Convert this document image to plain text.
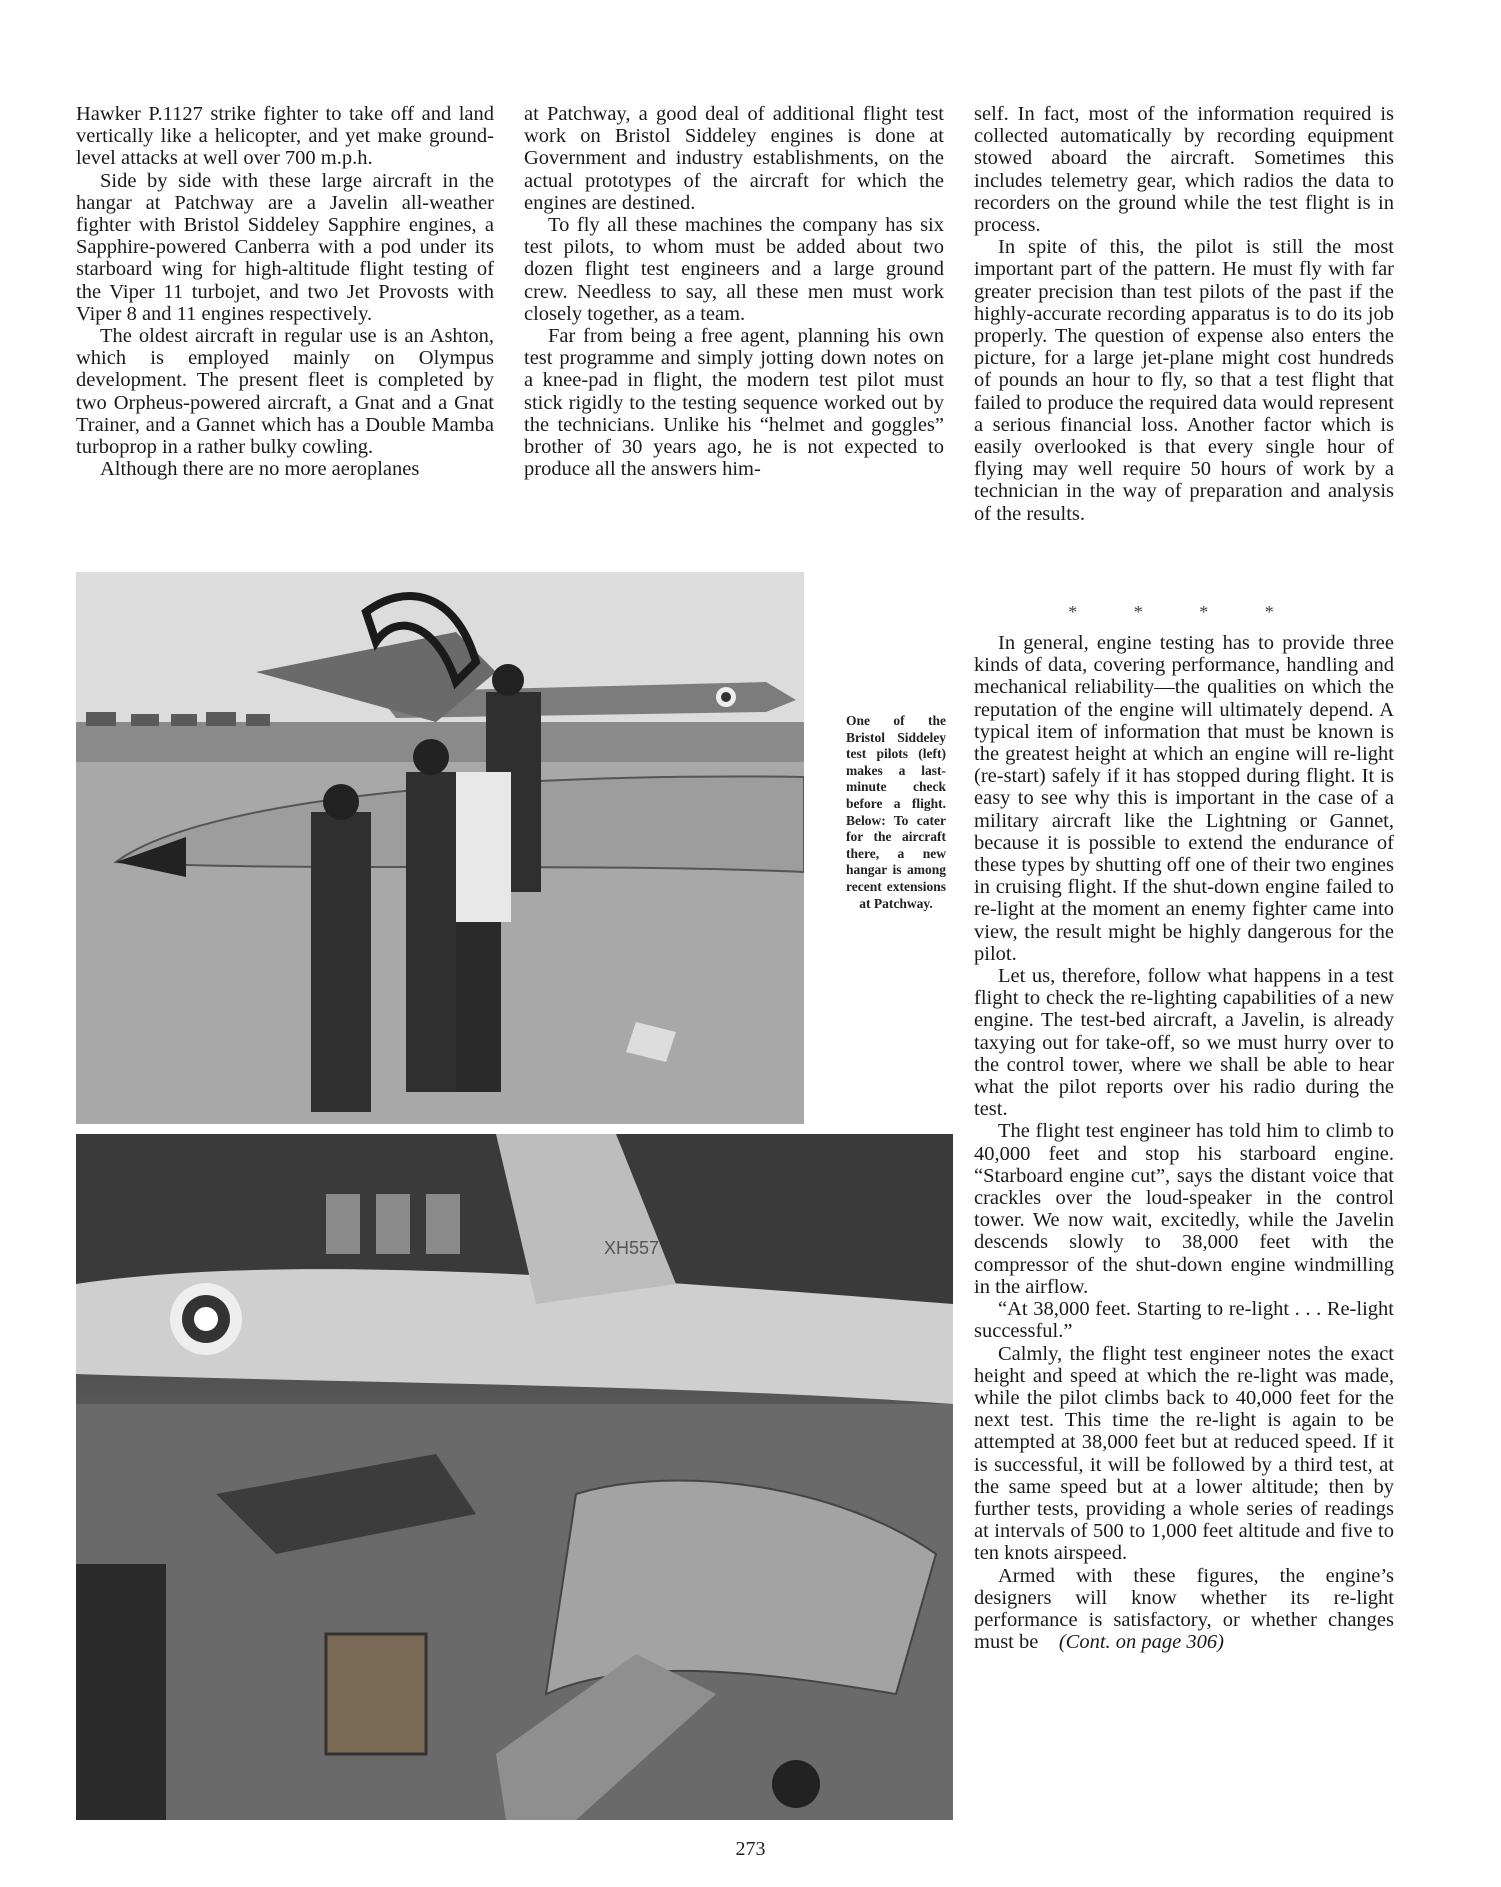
Hawker P.1127 strike fighter to take off and land vertically like a helicopter, and yet make ground-level attacks at well over 700 m.p.h.

Side by side with these large aircraft in the hangar at Patchway are a Javelin all-weather fighter with Bristol Siddeley Sapphire engines, a Sapphire-powered Canberra with a pod under its starboard wing for high-altitude flight testing of the Viper 11 turbojet, and two Jet Provosts with Viper 8 and 11 engines respectively.

The oldest aircraft in regular use is an Ashton, which is employed mainly on Olympus development. The present fleet is completed by two Orpheus-powered aircraft, a Gnat and a Gnat Trainer, and a Gannet which has a Double Mamba turboprop in a rather bulky cowling.

Although there are no more aeroplanes

at Patchway, a good deal of additional flight test work on Bristol Siddeley engines is done at Government and industry establishments, on the actual prototypes of the aircraft for which the engines are destined.

To fly all these machines the company has six test pilots, to whom must be added about two dozen flight test engineers and a large ground crew. Needless to say, all these men must work closely together, as a team.

Far from being a free agent, planning his own test programme and simply jotting down notes on a knee-pad in flight, the modern test pilot must stick rigidly to the testing sequence worked out by the technicians. Unlike his “helmet and goggles” brother of 30 years ago, he is not expected to produce all the answers him-

self. In fact, most of the information required is collected automatically by recording equipment stowed aboard the aircraft. Sometimes this includes telemetry gear, which radios the data to recorders on the ground while the test flight is in process.

In spite of this, the pilot is still the most important part of the pattern. He must fly with far greater precision than test pilots of the past if the highly-accurate recording apparatus is to do its job properly. The question of expense also enters the picture, for a large jet-plane might cost hundreds of pounds an hour to fly, so that a test flight that failed to produce the required data would represent a serious financial loss. Another factor which is easily overlooked is that every single hour of flying may well require 50 hours of work by a technician in the way of preparation and analysis of the results.

* * * *

In general, engine testing has to provide three kinds of data, covering performance, handling and mechanical reliability—the qualities on which the reputation of the engine will ultimately depend. A typical item of information that must be known is the greatest height at which an engine will re-light (re-start) safely if it has stopped during flight. It is easy to see why this is important in the case of a military aircraft like the Lightning or Gannet, because it is possible to extend the endurance of these types by shutting off one of their two engines in cruising flight. If the shut-down engine failed to re-light at the moment an enemy fighter came into view, the result might be highly dangerous for the pilot.

Let us, therefore, follow what happens in a test flight to check the re-lighting capabilities of a new engine. The test-bed aircraft, a Javelin, is already taxying out for take-off, so we must hurry over to the control tower, where we shall be able to hear what the pilot reports over his radio during the test.

The flight test engineer has told him to climb to 40,000 feet and stop his starboard engine. “Starboard engine cut”, says the distant voice that crackles over the loud-speaker in the control tower. We now wait, excitedly, while the Javelin descends slowly to 38,000 feet with the compressor of the shut-down engine windmilling in the airflow.

“At 38,000 feet. Starting to re-light . . . Re-light successful.”

Calmly, the flight test engineer notes the exact height and speed at which the re-light was made, while the pilot climbs back to 40,000 feet for the next test. This time the re-light is again to be attempted at 38,000 feet but at reduced speed. If it is successful, it will be followed by a third test, at the same speed but at a lower altitude; then by further tests, providing a whole series of readings at intervals of 500 to 1,000 feet altitude and five to ten knots airspeed.

Armed with these figures, the engine’s designers will know whether its re-light performance is satisfactory, or whether changes must be (Cont. on page 306)

One of the Bristol Siddeley test pilots (left) makes a last-minute check before a flight. Below: To cater for the aircraft there, a new hangar is among recent extensions at Patchway.
XH557
273
